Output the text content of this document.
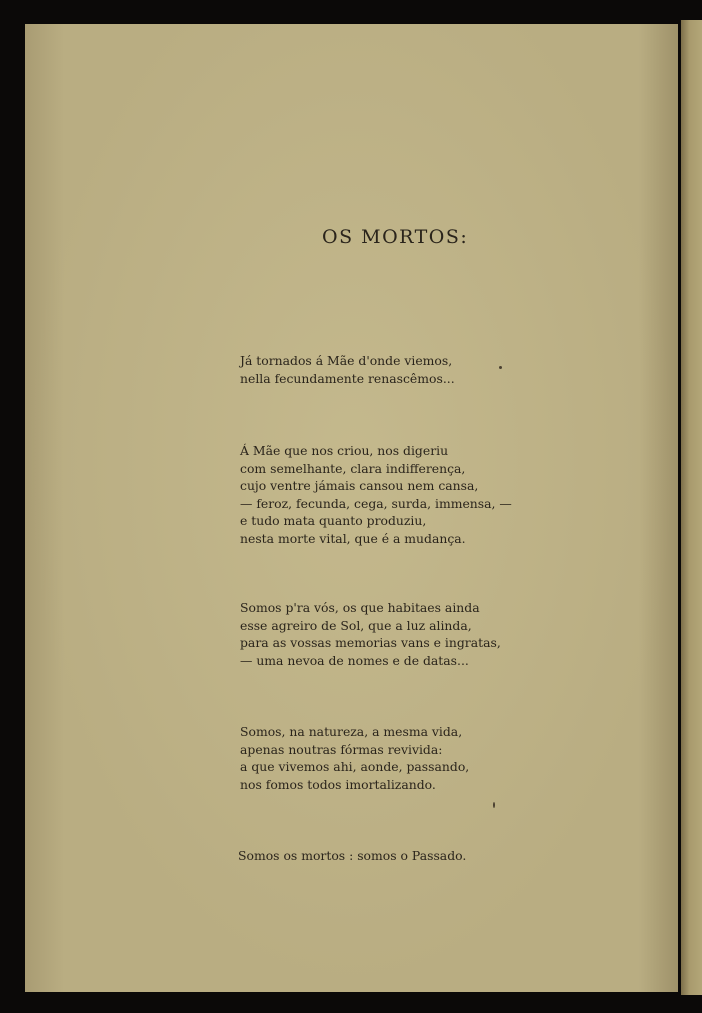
OS MORTOS:
Já tornados á Mãe d'onde viemos,
nella fecundamente renascêmos...
Á Mãe que nos criou, nos digeriu
com semelhante, clara indifferença,
cujo ventre jámais cansou nem cansa,
— feroz, fecunda, cega, surda, immensa, —
e tudo mata quanto produziu,
nesta morte vital, que é a mudança.
Somos p'ra vós, os que habitaes ainda
esse agreiro de Sol, que a luz alinda,
para as vossas memorias vans e ingratas,
— uma nevoa de nomes e de datas...
Somos, na natureza, a mesma vida,
apenas noutras fórmas revivida:
a que vivemos ahi, aonde, passando,
nos fomos todos imortalizando.
Somos os mortos : somos o Passado.
